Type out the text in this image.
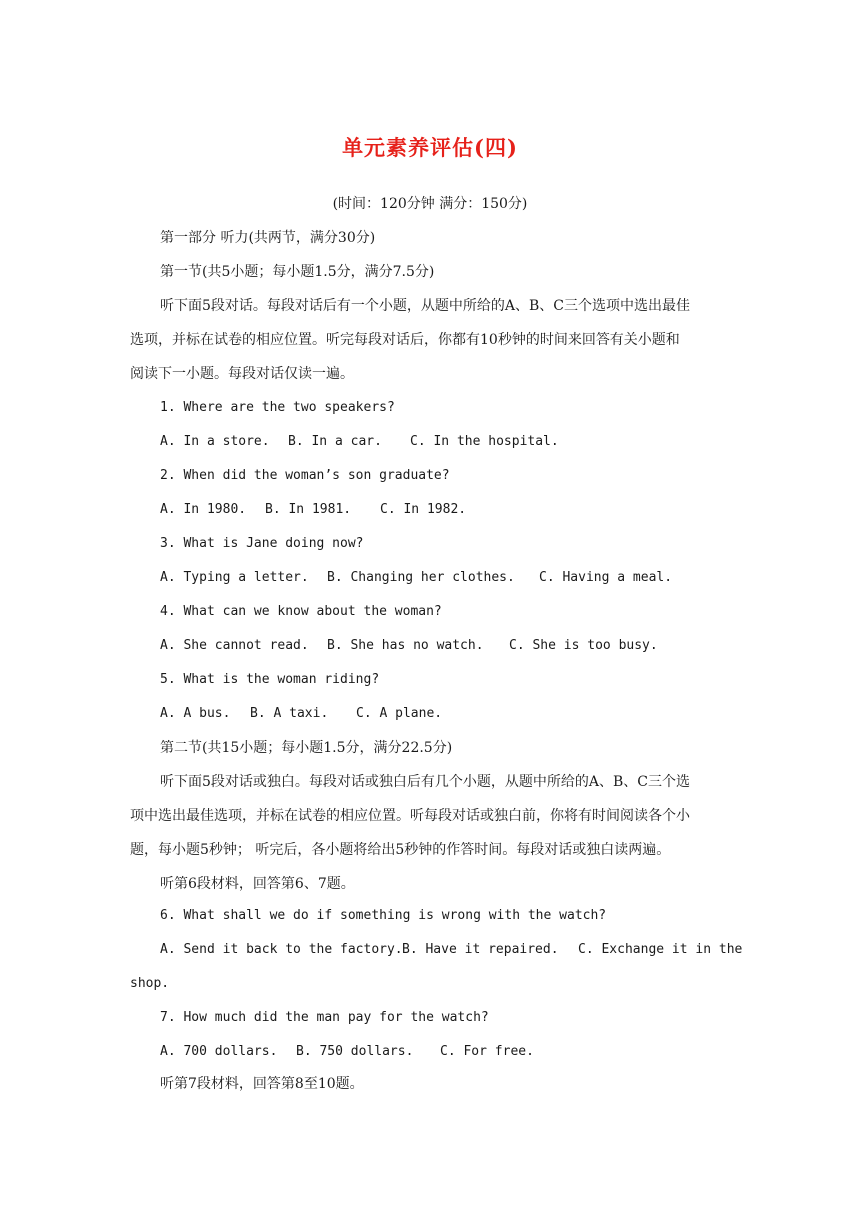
单元素养评估(四)
(时间：120分钟 满分：150分)
第一部分 听力(共两节，满分30分)
第一节(共5小题；每小题1.5分，满分7.5分)
听下面5段对话。每段对话后有一个小题，从题中所给的A、B、C三个选项中选出最佳
选项，并标在试卷的相应位置。听完每段对话后，你都有10秒钟的时间来回答有关小题和
阅读下一小题。每段对话仅读一遍。
1. Where are the two speakers?
A. In a store. B. In a car. C. In the hospital.
2. When did the woman’s son graduate?
A. In 1980. B. In 1981. C. In 1982.
3. What is Jane doing now?
A. Typing a letter. B. Changing her clothes. C. Having a meal.
4. What can we know about the woman?
A. She cannot read. B. She has no watch. C. She is too busy.
5. What is the woman riding?
A. A bus. B. A taxi. C. A plane.
第二节(共15小题；每小题1.5分，满分22.5分)
听下面5段对话或独白。每段对话或独白后有几个小题，从题中所给的A、B、C三个选
项中选出最佳选项，并标在试卷的相应位置。听每段对话或独白前，你将有时间阅读各个小
题，每小题5秒钟； 听完后，各小题将给出5秒钟的作答时间。每段对话或独白读两遍。
听第6段材料，回答第6、7题。
6. What shall we do if something is wrong with the watch?
A. Send it back to the factory. B. Have it repaired. C. Exchange it in the
shop.
7. How much did the man pay for the watch?
A. 700 dollars. B. 750 dollars. C. For free.
听第7段材料，回答第8至10题。
